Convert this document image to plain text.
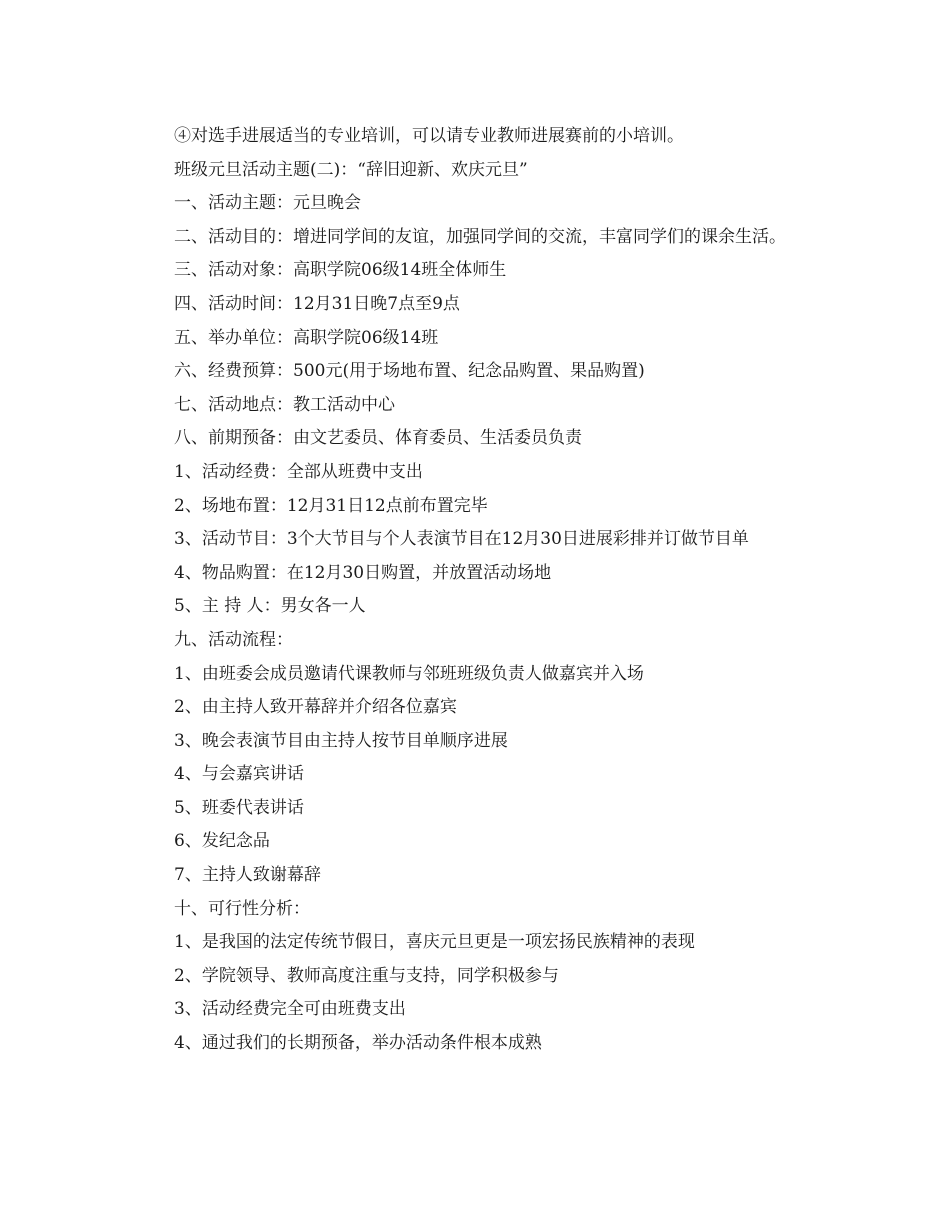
④对选手进展适当的专业培训，可以请专业教师进展赛前的小培训。

班级元旦活动主题(二)：“辞旧迎新、欢庆元旦”

一、活动主题：元旦晚会

二、活动目的：增进同学间的友谊，加强同学间的交流，丰富同学们的课余生活。

三、活动对象：高职学院06级14班全体师生

四、活动时间：12月31日晚7点至9点

五、举办单位：高职学院06级14班

六、经费预算：500元(用于场地布置、纪念品购置、果品购置)

七、活动地点：教工活动中心

八、前期预备：由文艺委员、体育委员、生活委员负责

1、活动经费：全部从班费中支出

2、场地布置：12月31日12点前布置完毕

3、活动节目：3个大节目与个人表演节目在12月30日进展彩排并订做节目单

4、物品购置：在12月30日购置，并放置活动场地

5、主 持 人：男女各一人

九、活动流程：

1、由班委会成员邀请代课教师与邻班班级负责人做嘉宾并入场

2、由主持人致开幕辞并介绍各位嘉宾

3、晚会表演节目由主持人按节目单顺序进展

4、与会嘉宾讲话

5、班委代表讲话

6、发纪念品

7、主持人致谢幕辞

十、可行性分析：

1、是我国的法定传统节假日，喜庆元旦更是一项宏扬民族精神的表现

2、学院领导、教师高度注重与支持，同学积极参与

3、活动经费完全可由班费支出

4、通过我们的长期预备，举办活动条件根本成熟
